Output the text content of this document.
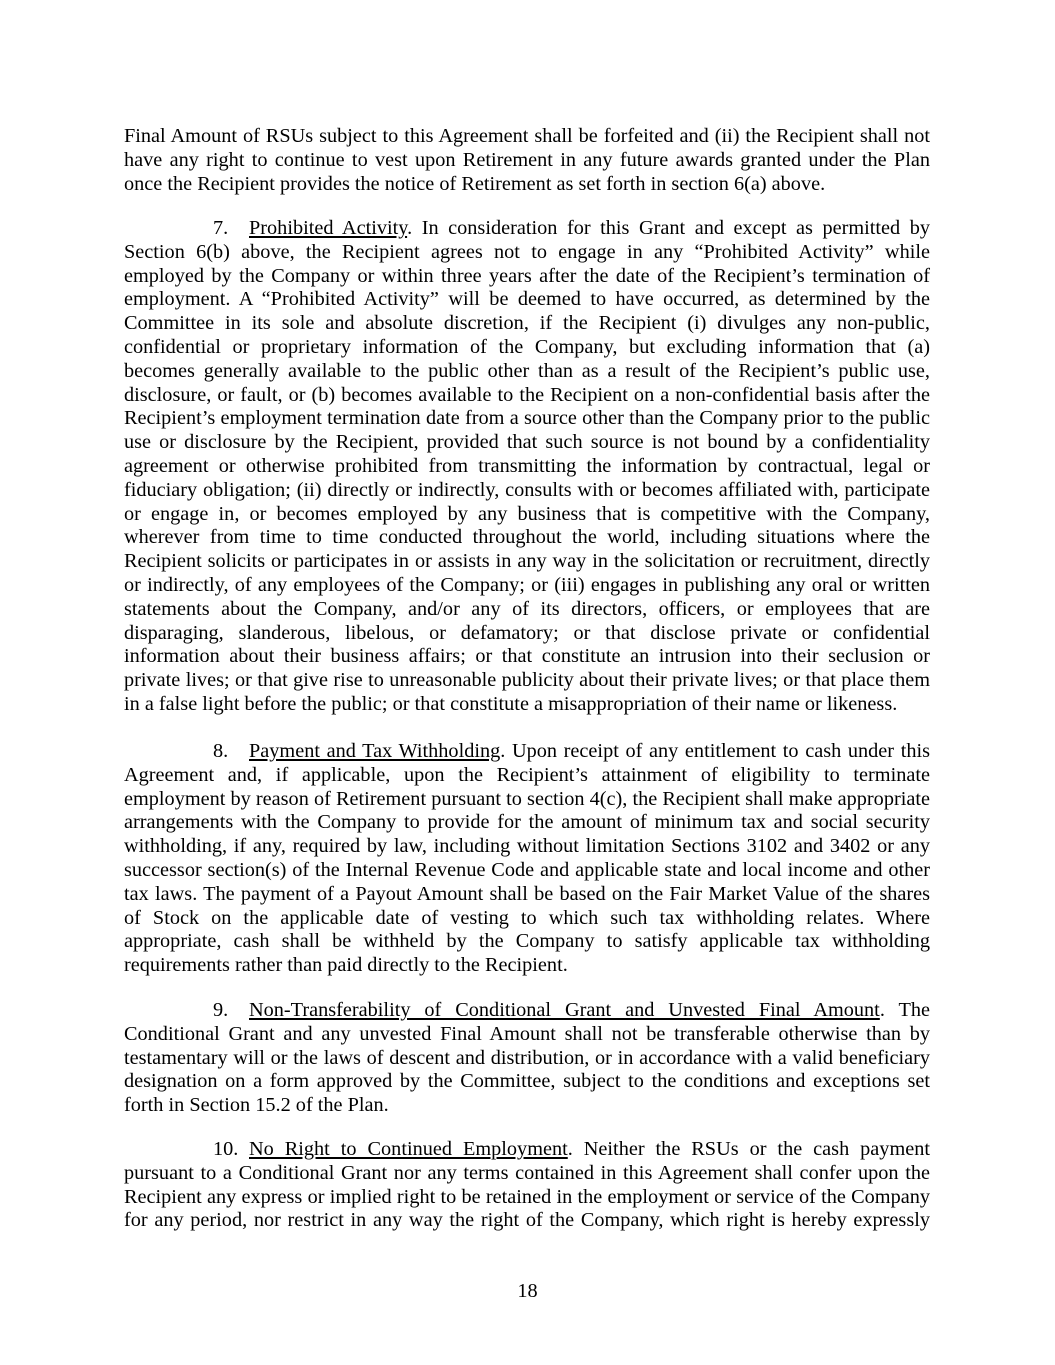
Final Amount of RSUs subject to this Agreement shall be forfeited and (ii) the Recipient shall not
have any right to continue to vest upon Retirement in any future awards granted under the Plan
once the Recipient provides the notice of Retirement as set forth in section 6(a) above.
7. Prohibited Activity. In consideration for this Grant and except as permitted by
Section 6(b) above, the Recipient agrees not to engage in any “Prohibited Activity” while
employed by the Company or within three years after the date of the Recipient’s termination of
employment. A “Prohibited Activity” will be deemed to have occurred, as determined by the
Committee in its sole and absolute discretion, if the Recipient (i) divulges any non-public,
confidential or proprietary information of the Company, but excluding information that (a)
becomes generally available to the public other than as a result of the Recipient’s public use,
disclosure, or fault, or (b) becomes available to the Recipient on a non-confidential basis after the
Recipient’s employment termination date from a source other than the Company prior to the public
use or disclosure by the Recipient, provided that such source is not bound by a confidentiality
agreement or otherwise prohibited from transmitting the information by contractual, legal or
fiduciary obligation; (ii) directly or indirectly, consults with or becomes affiliated with, participate
or engage in, or becomes employed by any business that is competitive with the Company,
wherever from time to time conducted throughout the world, including situations where the
Recipient solicits or participates in or assists in any way in the solicitation or recruitment, directly
or indirectly, of any employees of the Company; or (iii) engages in publishing any oral or written
statements about the Company, and/or any of its directors, officers, or employees that are
disparaging, slanderous, libelous, or defamatory; or that disclose private or confidential
information about their business affairs; or that constitute an intrusion into their seclusion or
private lives; or that give rise to unreasonable publicity about their private lives; or that place them
in a false light before the public; or that constitute a misappropriation of their name or likeness.
8. Payment and Tax Withholding. Upon receipt of any entitlement to cash under this
Agreement and, if applicable, upon the Recipient’s attainment of eligibility to terminate
employment by reason of Retirement pursuant to section 4(c), the Recipient shall make appropriate
arrangements with the Company to provide for the amount of minimum tax and social security
withholding, if any, required by law, including without limitation Sections 3102 and 3402 or any
successor section(s) of the Internal Revenue Code and applicable state and local income and other
tax laws. The payment of a Payout Amount shall be based on the Fair Market Value of the shares
of Stock on the applicable date of vesting to which such tax withholding relates. Where
appropriate, cash shall be withheld by the Company to satisfy applicable tax withholding
requirements rather than paid directly to the Recipient.
9. Non-Transferability of Conditional Grant and Unvested Final Amount. The
Conditional Grant and any unvested Final Amount shall not be transferable otherwise than by
testamentary will or the laws of descent and distribution, or in accordance with a valid beneficiary
designation on a form approved by the Committee, subject to the conditions and exceptions set
forth in Section 15.2 of the Plan.
10. No Right to Continued Employment. Neither the RSUs or the cash payment
pursuant to a Conditional Grant nor any terms contained in this Agreement shall confer upon the
Recipient any express or implied right to be retained in the employment or service of the Company
for any period, nor restrict in any way the right of the Company, which right is hereby expressly
18
